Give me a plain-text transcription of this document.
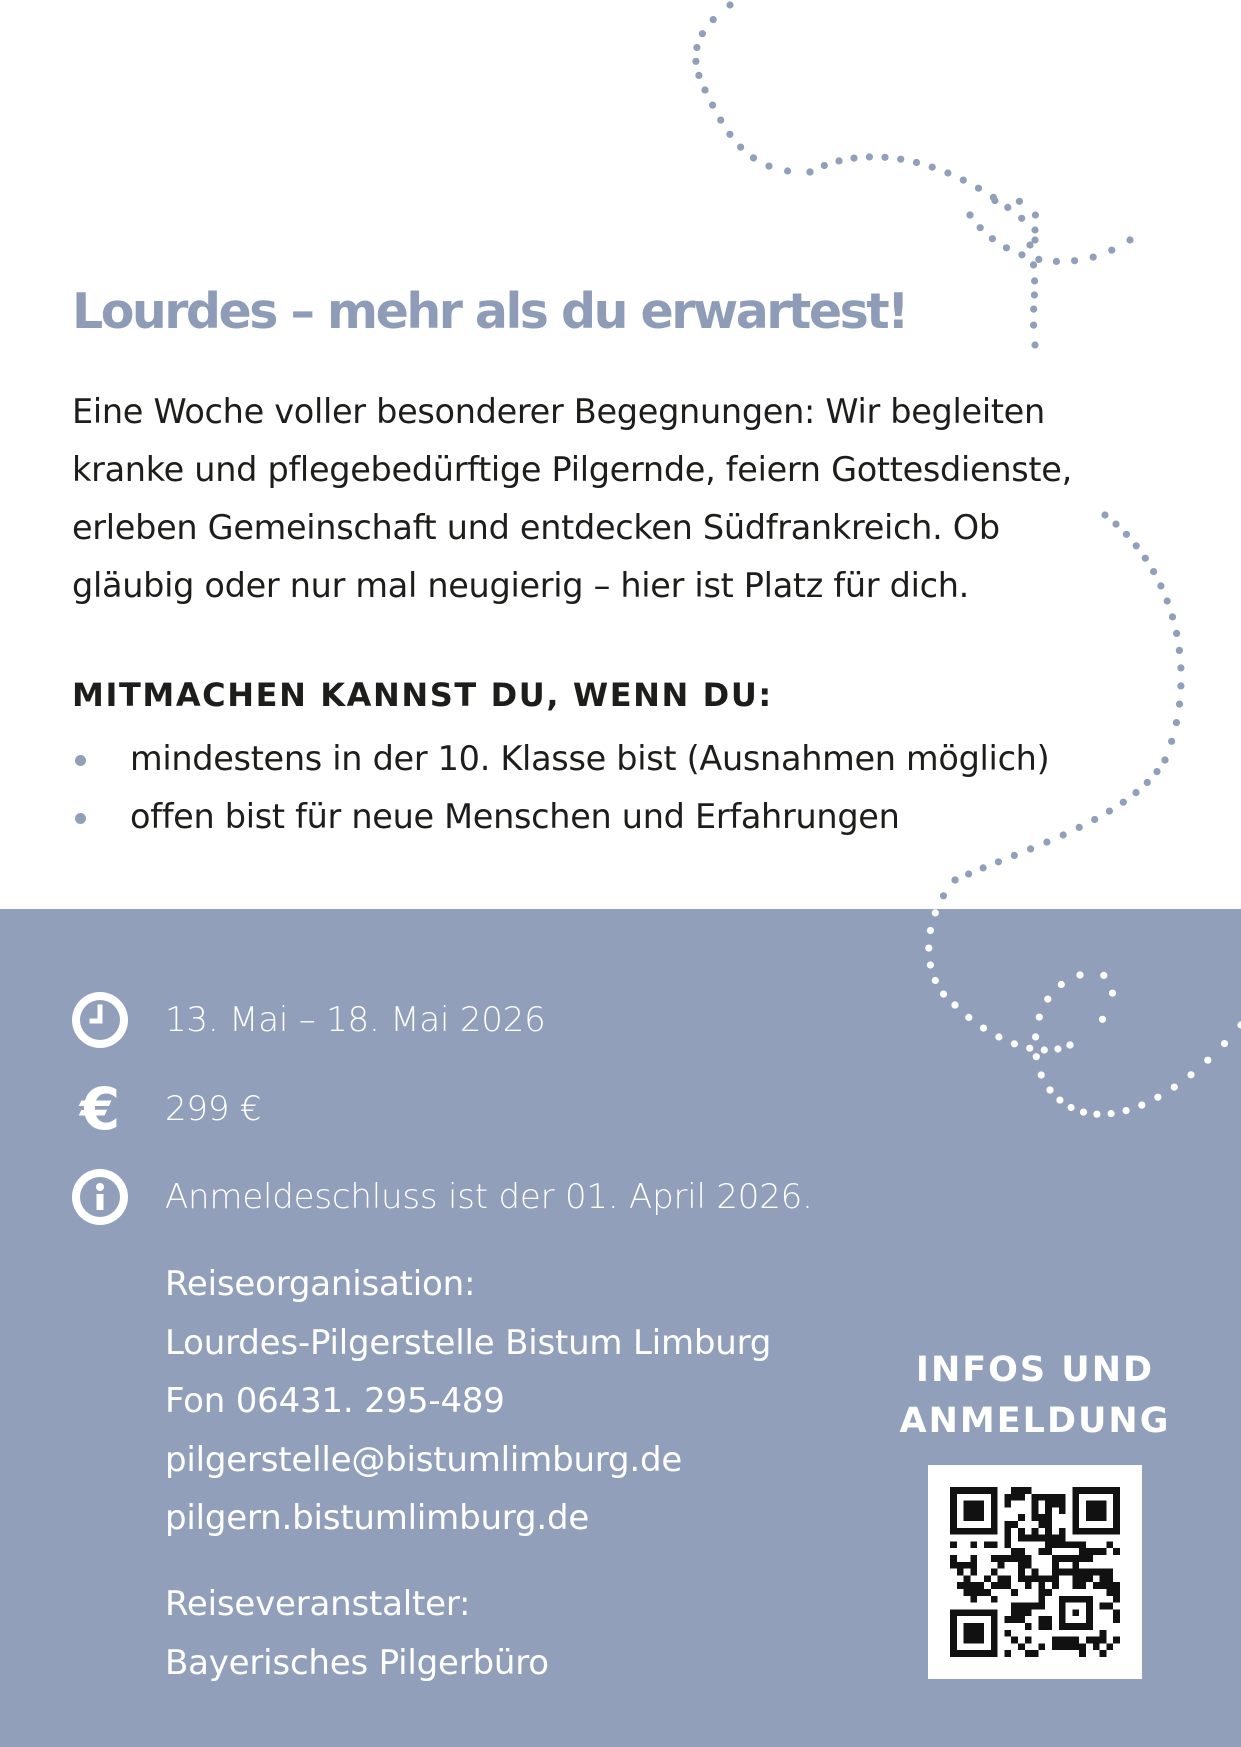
Lourdes – mehr als du erwartest!

Eine Woche voller besonderer Begegnungen: Wir begleiten
kranke und pflegebedürftige Pilgernde, feiern Gottesdienste,
erleben Gemeinschaft und entdecken Südfrankreich. Ob
gläubig oder nur mal neugierig – hier ist Platz für dich.

MITMACHEN KANNST DU, WENN DU:
mindestens in der 10. Klasse bist (Ausnahmen möglich)
offen bist für neue Menschen und Erfahrungen
13. Mai – 18. Mai 2026
€ 299 €
Anmeldeschluss ist der 01. April 2026.
Reiseorganisation:
Lourdes-Pilgerstelle Bistum Limburg
Fon 06431. 295-489
pilgerstelle@bistumlimburg.de
pilgern.bistumlimburg.de
Reiseveranstalter:
Bayerisches Pilgerbüro
INFOS UND
ANMELDUNG
